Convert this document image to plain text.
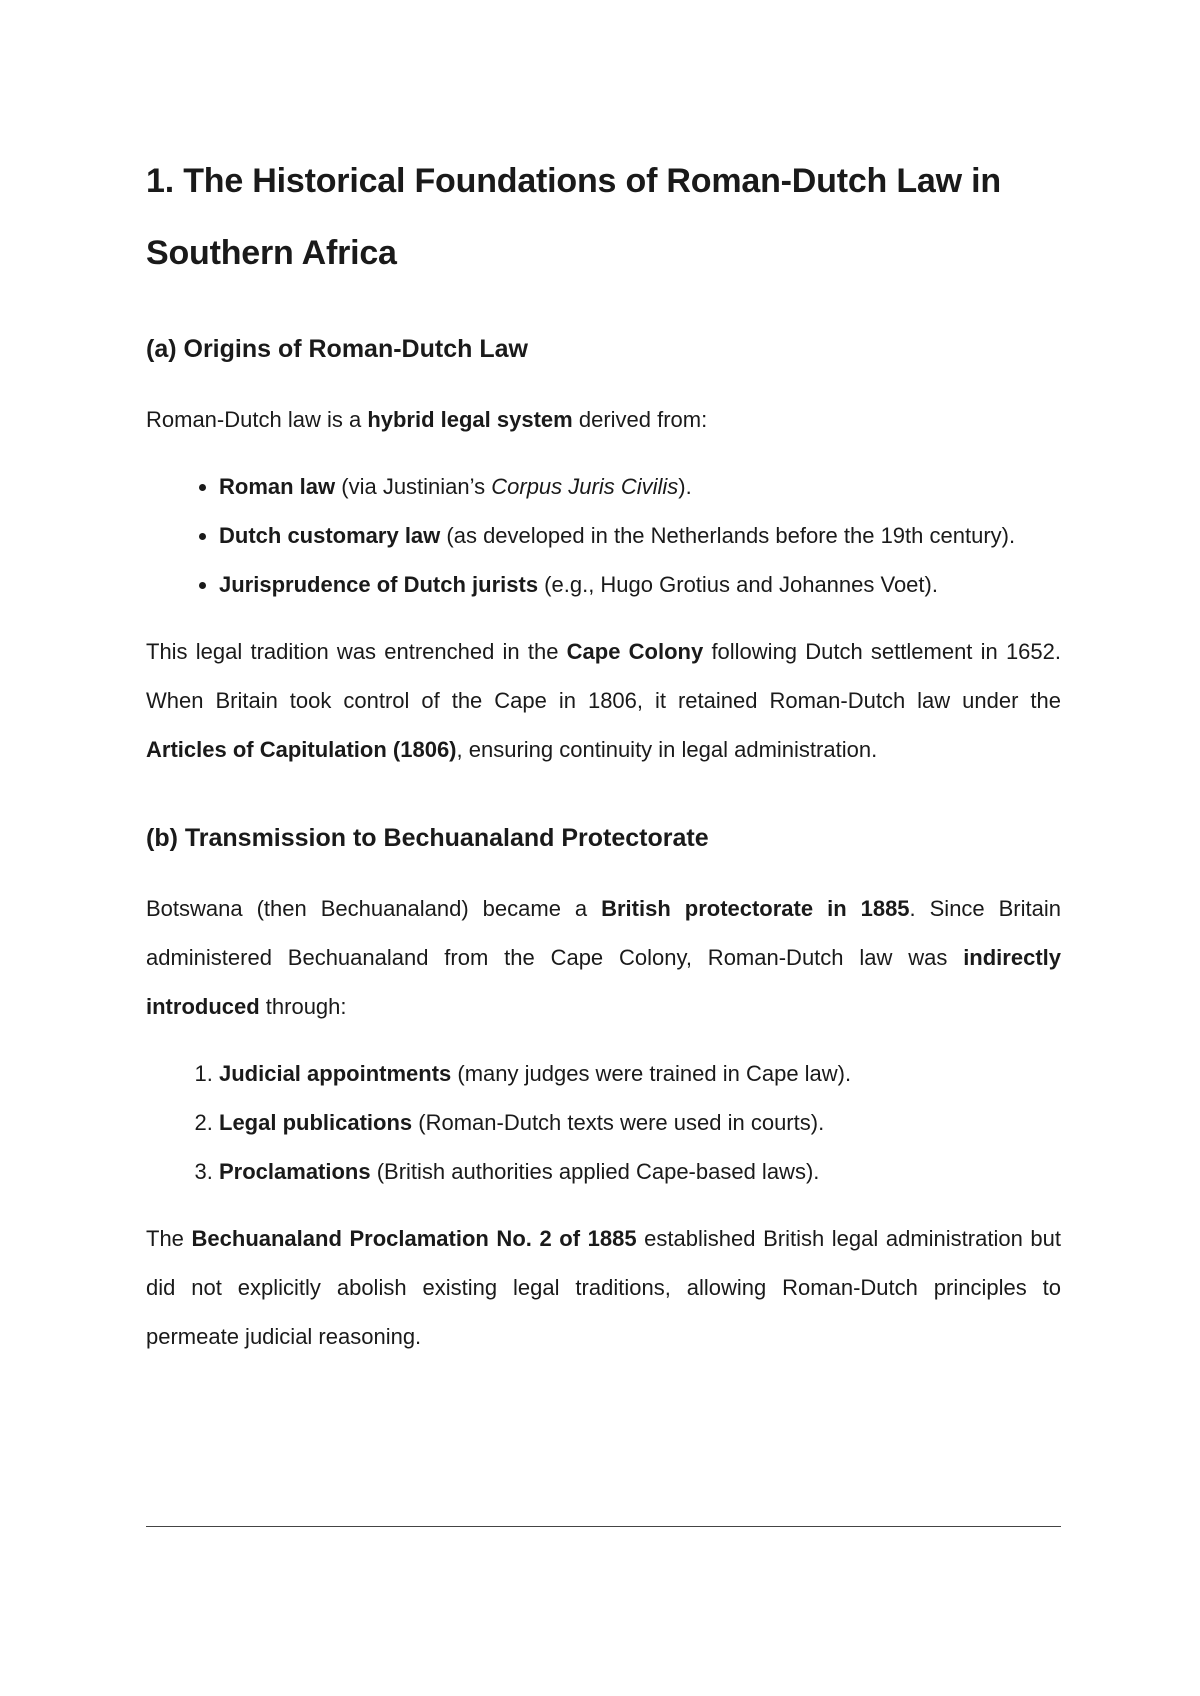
1. The Historical Foundations of Roman-Dutch Law in Southern Africa
(a) Origins of Roman-Dutch Law

Roman-Dutch law is a hybrid legal system derived from:

• Roman law (via Justinian’s Corpus Juris Civilis).
• Dutch customary law (as developed in the Netherlands before the 19th century).
• Jurisprudence of Dutch jurists (e.g., Hugo Grotius and Johannes Voet).

This legal tradition was entrenched in the Cape Colony following Dutch settlement in 1652. When Britain took control of the Cape in 1806, it retained Roman-Dutch law under the Articles of Capitulation (1806), ensuring continuity in legal administration.

(b) Transmission to Bechuanaland Protectorate

Botswana (then Bechuanaland) became a British protectorate in 1885. Since Britain administered Bechuanaland from the Cape Colony, Roman-Dutch law was indirectly introduced through:

1. Judicial appointments (many judges were trained in Cape law).
2. Legal publications (Roman-Dutch texts were used in courts).
3. Proclamations (British authorities applied Cape-based laws).

The Bechuanaland Proclamation No. 2 of 1885 established British legal administration but did not explicitly abolish existing legal traditions, allowing Roman-Dutch principles to permeate judicial reasoning.
